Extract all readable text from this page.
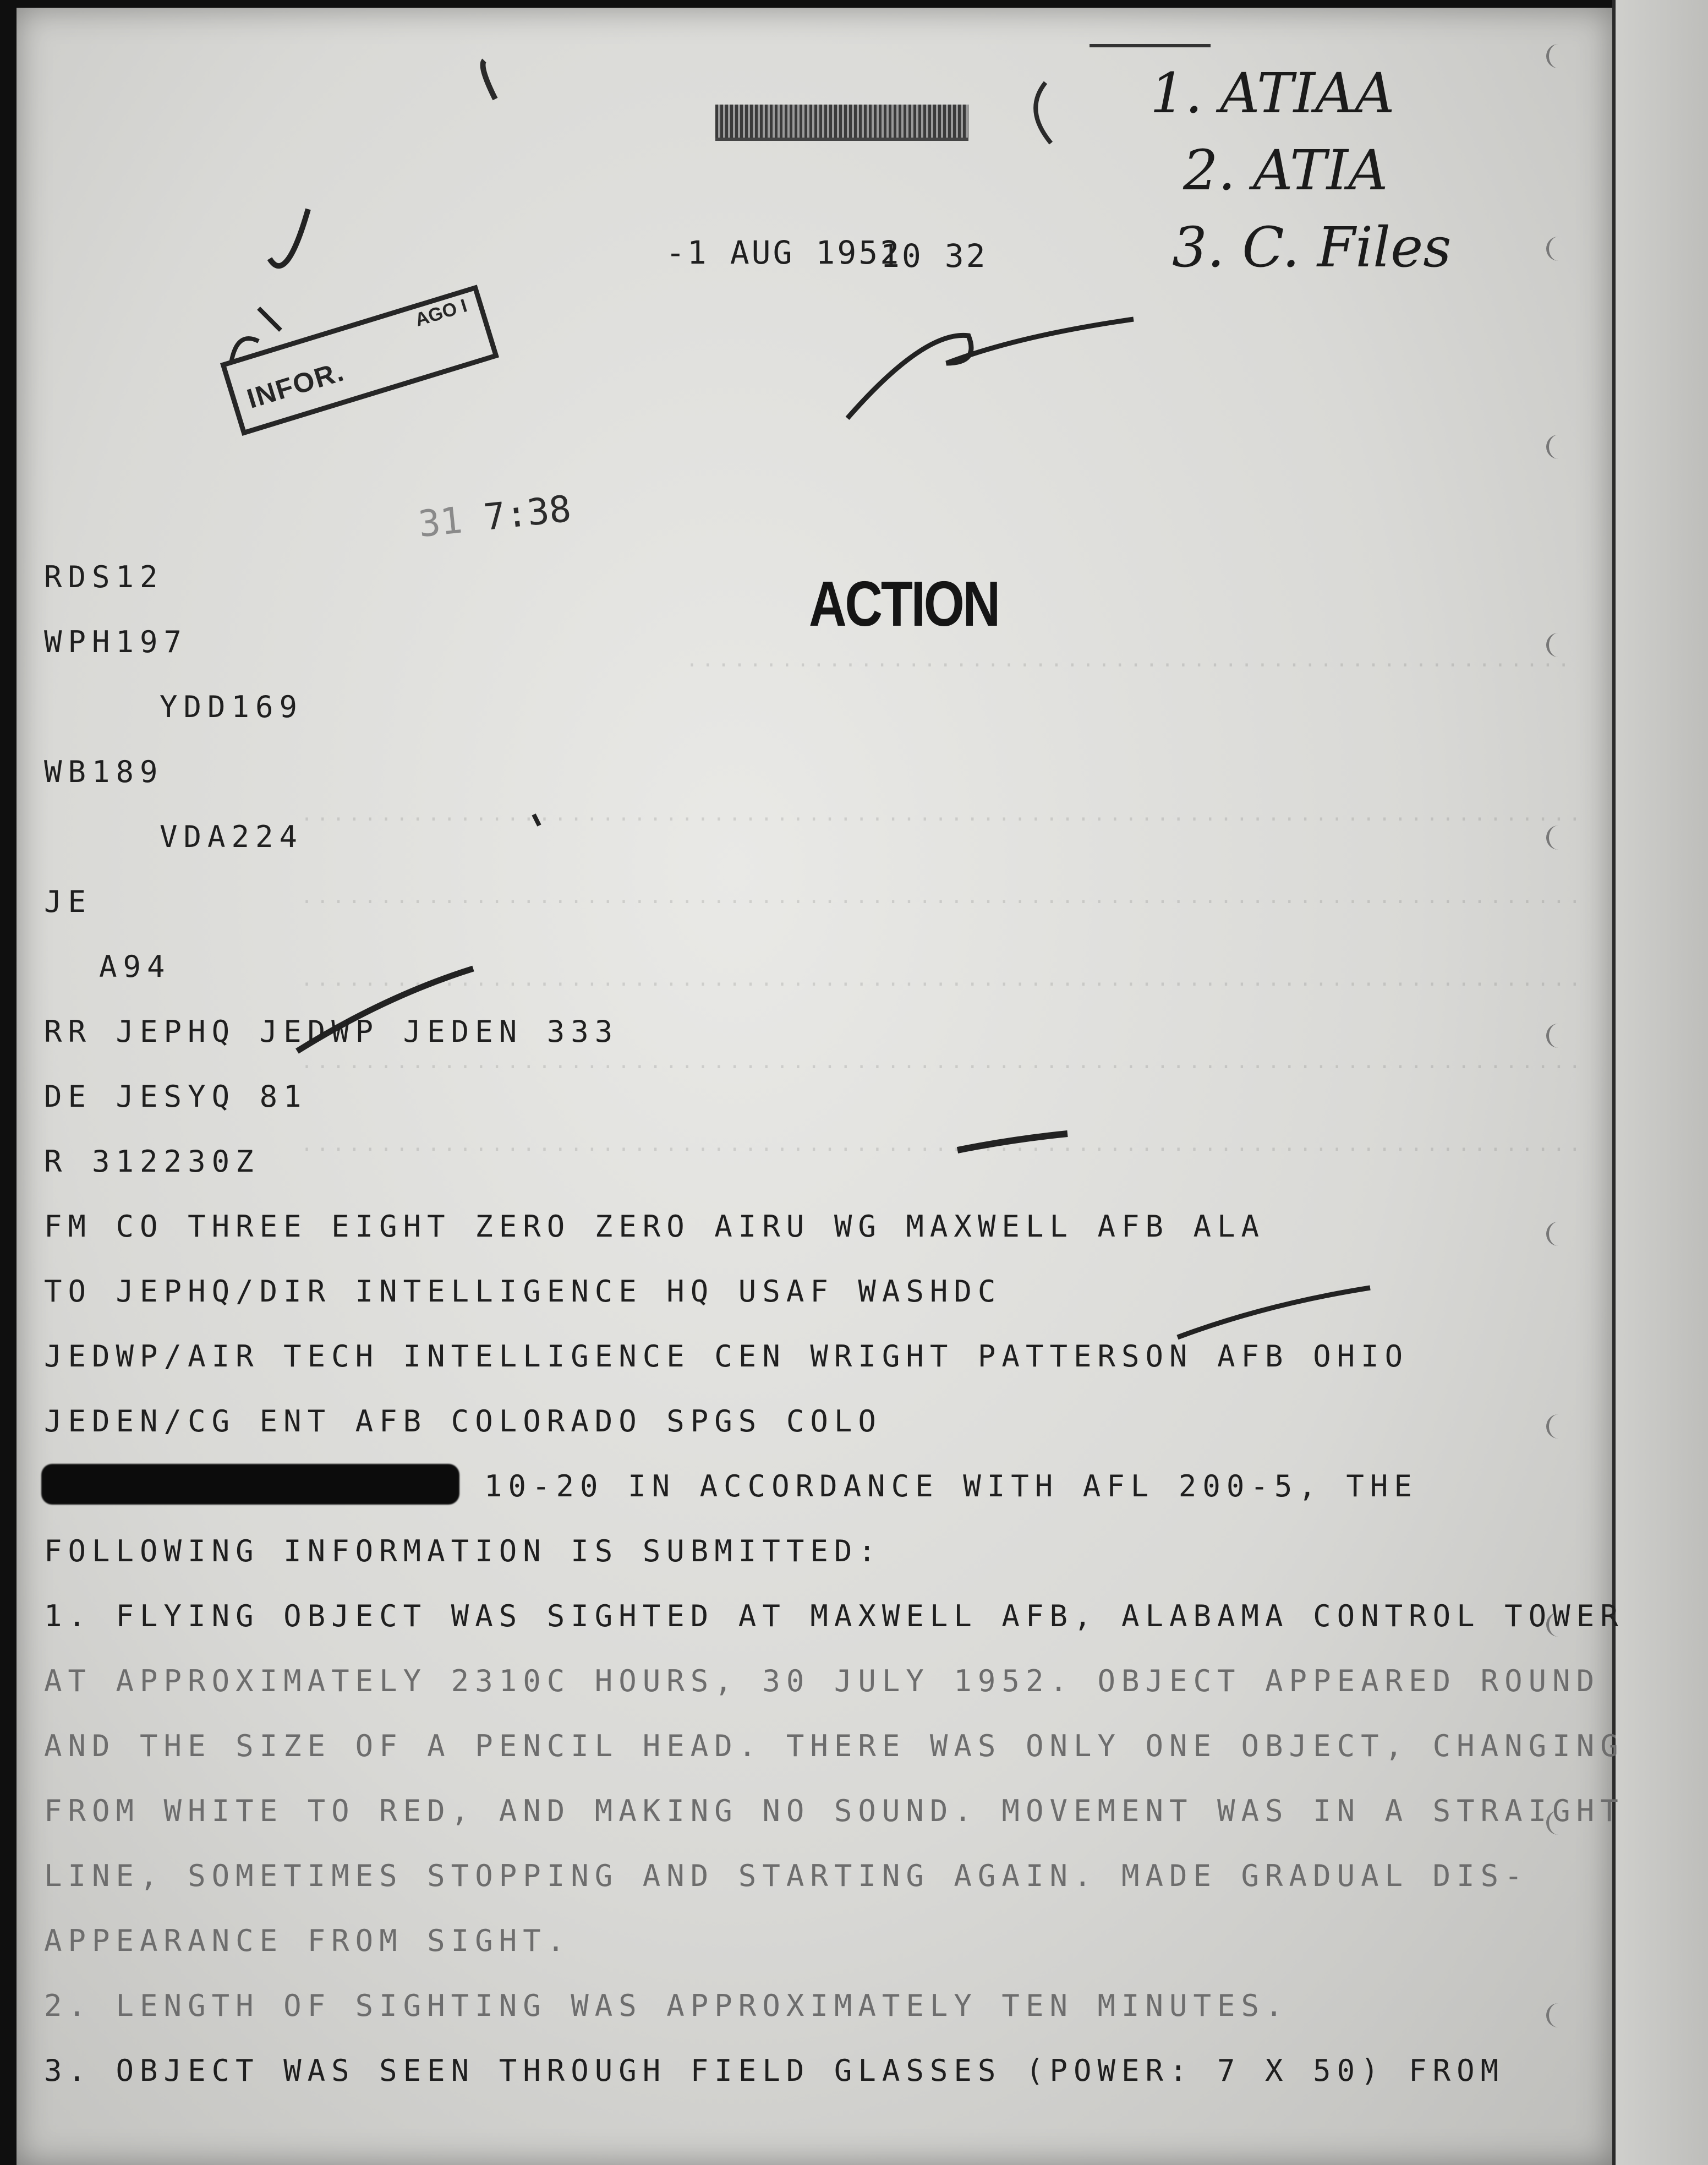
........................................................
.................................................................................
.................................................................................
.................................................................................
.................................................................................
.................................................................................
1. ATIAA
2. ATIA
3. C. Files
-1 AUG 1952
10 32
AGO I
INFOR.
31 7:38
ACTION
RDS12
WPH197
YDD169
WB189
VDA224
JE
A94
RR JEPHQ JEDWP JEDEN 333
DE JESYQ 81
R 312230Z
FM CO THREE EIGHT ZERO ZERO AIRU WG MAXWELL AFB ALA
TO JEPHQ/DIR INTELLIGENCE HQ USAF WASHDC
JEDWP/AIR TECH INTELLIGENCE CEN WRIGHT PATTERSON AFB OHIO
JEDEN/CG ENT AFB COLORADO SPGS COLO
10-20 IN ACCORDANCE WITH AFL 200-5, THE
FOLLOWING INFORMATION IS SUBMITTED:
1. FLYING OBJECT WAS SIGHTED AT MAXWELL AFB, ALABAMA CONTROL TOWER
AT APPROXIMATELY 2310C HOURS, 30 JULY 1952. OBJECT APPEARED ROUND
AND THE SIZE OF A PENCIL HEAD. THERE WAS ONLY ONE OBJECT, CHANGING
FROM WHITE TO RED, AND MAKING NO SOUND. MOVEMENT WAS IN A STRAIGHT
LINE, SOMETIMES STOPPING AND STARTING AGAIN. MADE GRADUAL DIS-
APPEARANCE FROM SIGHT.
2. LENGTH OF SIGHTING WAS APPROXIMATELY TEN MINUTES.
3. OBJECT WAS SEEN THROUGH FIELD GLASSES (POWER: 7 X 50) FROM
